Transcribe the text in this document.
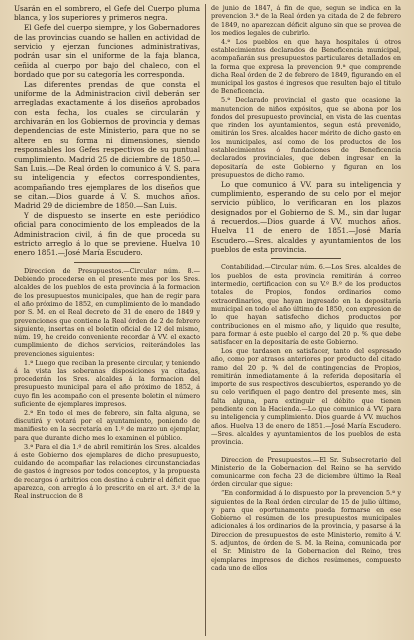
Usarán en el sombrero, el Gefe del Cuerpo pluma blanca, y los superiores y primeros negra.

El Gefe del cuerpo siempre, y los Gobernadores de las provincias cuando se hallen en actividad de servicio y ejerzan funciones administrativas, podrán usar sin el uniforme de la faja blanca, ceñida al cuerpo por bajo del chaleco, con el bordado que por su categoría les corresponda.

Las diferentes prendas de que consta el uniforme de la Administracion civil deberán ser arregladas exactamente á los diseños aprobados con esta fecha, los cuales se circularán y archivarán en los Gobiernos de provincia y demas dependencias de este Ministerio, para que no se altere en su forma ni dimensiones, siendo responsables los Gefes respectivos de su puntual cumplimiento. Madrid 25 de diciembre de 1850.—San Luis.—De Real órden lo comunico á V. S. para su inteligencia y efectos correspondientes, acompañando tres ejemplares de los diseños que se citan.—Dios guarde á V. S. muchos años. Madrid 29 de diciembre de 1850.—San Luis.

Y de dispuesto se inserte en este periódico oficial para conocimiento de los empleados de la Administracion civil, á fin de que proceda su estricto arreglo á lo que se previene. Huelva 10 enero 1851.—José María Escudero.

Direccion de Presupuestos.—Circular núm. 8.—Debiendo procederse en el presente mes por los Sres. alcaldes de los pueblos de esta provincia á la formacion de los presupuestos municipales, que han de regir para el año próximo de 1852, en cumplimiento de lo mandado por S. M. en el Real decreto de 31 de enero de 1849 y prevenciones que contiene la Real órden de 2 de febrero siguiente, insertas en el boletin oficial de 12 del mismo, núm. 19, he creido conveniente recordar á VV. el exacto cumplimiento de dichos servicios, reiterándoles las prevenciones siguientes:

1.ª Luego que reciban la presente circular, y teniendo á la vista las soberanas disposiciones ya citadas, procederán los Sres. alcaldes á la formacion del presupuesto municipal para el año próximo de 1852, á cuyo fin les acompaño con el presente boletin el número suficiente de ejemplares impresos.

2.ª En todo el mes de febrero, sin falta alguna, se discutirá y votará por el ayuntamiento, poniendo de manifiesto en la secretaría en 1.º de marzo un ejemplar, para que durante dicho mes lo examinen el público.

3.ª Para el dia 1.º de abril remitirán los Sres. alcaldes á este Gobierno dos ejemplares de dicho presupuesto, cuidando de acompañar las relaciones circunstanciadas de gastos é ingresos por todos conceptos, y la propuesta de recargos ó arbitrios con destino á cubrir el déficit que aparezca, con arreglo á lo prescrito en el art. 3.º de la Real instruccion de 8

de junio de 1847, á fin de que, segun se indica en la prevencion 3.ª de la Real órden ya citada de 2 de febrero de 1849, no aparezcan déficit alguno sin que se provea de los medios legales de cubrirlo.

4.ª Los pueblos en que haya hospitales ú otros establecimientos declarados de Beneficencia municipal, acompañarán sus presupuestos particulares detallados en la forma que expresa la prevencion 9.ª que comprende dicha Real órden de 2 de febrero de 1849, figurando en el municipal los gastos é ingresos que resulten bajo el titulo de Beneficencia.

5.ª Declarado provincial el gasto que ocasione la manutencion de niños expósitos, que se abona por los fondos del presupuesto provincial, en vista de las cuentas que rinden los ayuntamientos, segun está prevenido, omitirán los Sres. alcaldes hacer mérito de dicho gasto en los municipales, así como de los productos de los establecimientos ó fundaciones de Beneficencia declarados provinciales, que deben ingresar en la depositaría de este Gobierno y figuran en los presupuestos de dicho ramo.

Lo que comunico á VV. para su inteligencia y cumplimiento, esperando de su celo por el mejor servicio público, lo verificaran en los plazos designados por el Gobierno de S. M., sin dar lugar á recuerdos.—Dios guarde á VV. muchos años. Huelva 11 de enero de 1851.—José María Escudero.—Sres. alcaldes y ayuntamientos de los pueblos de esta provincia.

Contabilidad.—Circular núm. 6.—Los Sres. alcaldes de los pueblos de esta provincia remitirán á correo intermedio, certificacion con su V.º B.º de los productos totales de Propios, fondos ordinarios como extraordinarios, que hayan ingresado en la depositaría municipal en todo el año último de 1850, con expresion de lo que hayan satisfecho dichos productos por contribuciones en el mismo año, y liquido que resulte, para formar á este pueblo el cargo del 20 p. % que debe satisfacer en la depositaría de este Gobierno.

Los que tardasen en satisfacer, tanto del espresado año, como por atrasos anteriores por producto del citado ramo del 20 p. % del de contingencias de Propios, remitirán inmediatamente á la referida depositaría el importe de sus respectivos descubiertos, esperando yo de su celo verifiquen el pago dentro del presente mes, sin falta alguna, para extinguir el débito que tienen pendiente con la Hacienda.—Lo que comunico á VV. para su inteligencia y cumplimiento. Dios guarde á VV. muchos años. Huelva 13 de enero de 1851.—José María Escudero.—Sres. alcaldes y ayuntamientos de los pueblos de esta provincia.

Direccion de Presupuestos.—El Sr. Subsecretario del Ministerio de la Gobernacion del Reino se ha servido comunicarme con fecha 23 de diciembre último la Real órden circular que sigue:

“En conformidad á lo dispuesto por la prevencion 5.ª y siguientes de la Real órden circular de 15 de julio último, y para que oportunamente pueda formarse en ese Gobierno el resúmen de los presupuestos municipales adicionales á los ordinarios de la provincia, y pasarse á la Direccion de presupuestos de este Ministerio, remito á V. S. adjuntos, de órden de S. M. la Reina, comunicada por el Sr. Ministro de la Gobernacion del Reino, tres ejemplares impresos de dichos resúmenes, compuesto cada uno de ellos
